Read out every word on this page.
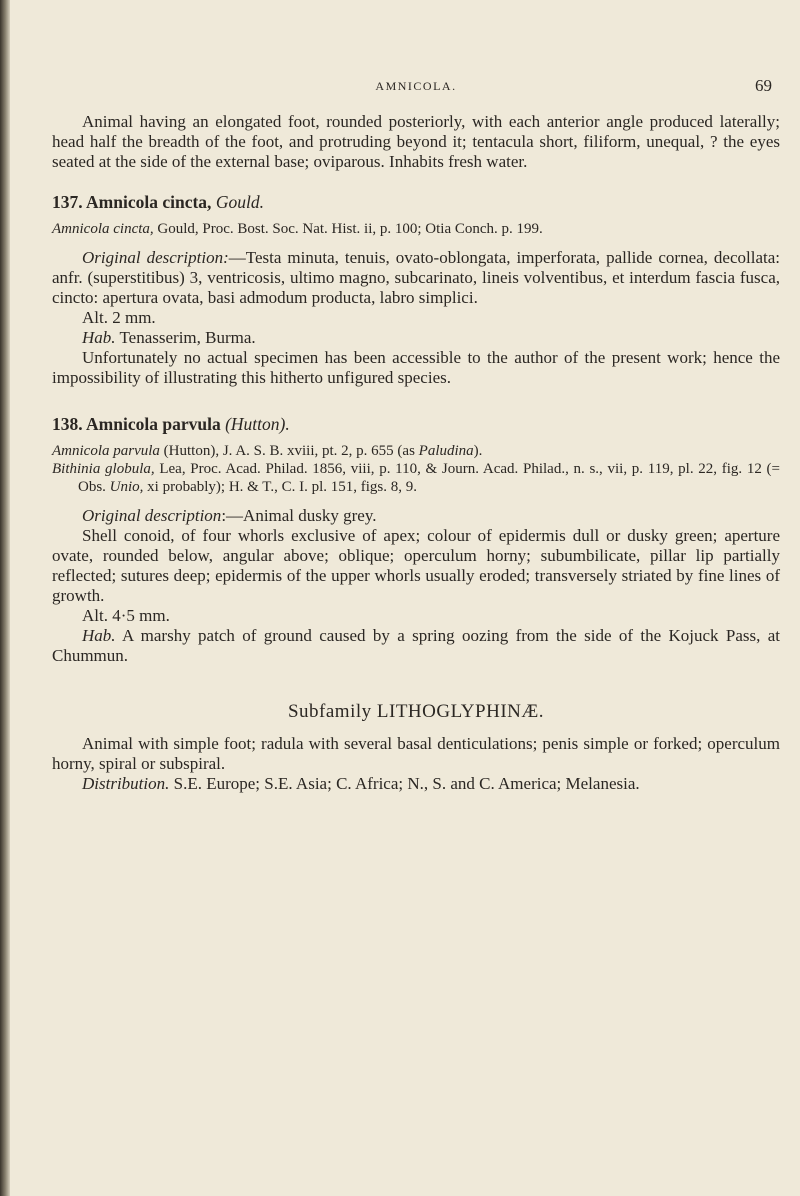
AMNICOLA.	69

Animal having an elongated foot, rounded posteriorly, with each anterior angle produced laterally; head half the breadth of the foot, and protruding beyond it; tentacula short, filiform, unequal, ? the eyes seated at the side of the external base; oviparous. Inhabits fresh water.

137. Amnicola cincta, Gould.

Amnicola cincta, Gould, Proc. Bost. Soc. Nat. Hist. ii, p. 100; Otia Conch. p. 199.

Original description:—Testa minuta, tenuis, ovato-oblongata, imperforata, pallide cornea, decollata: anfr. (superstitibus) 3, ventricosis, ultimo magno, subcarinato, lineis volventibus, et interdum fascia fusca, cincto: apertura ovata, basi admodum producta, labro simplici.

Alt. 2 mm.

Hab. Tenasserim, Burma.

Unfortunately no actual specimen has been accessible to the author of the present work; hence the impossibility of illustrating this hitherto unfigured species.

138. Amnicola parvula (Hutton).

Amnicola parvula (Hutton), J. A. S. B. xviii, pt. 2, p. 655 (as Paludina).

Bithinia globula, Lea, Proc. Acad. Philad. 1856, viii, p. 110, & Journ. Acad. Philad., n. s., vii, p. 119, pl. 22, fig. 12 (= Obs. Unio, xi probably); H. & T., C. I. pl. 151, figs. 8, 9.

Original description:—Animal dusky grey.

Shell conoid, of four whorls exclusive of apex; colour of epidermis dull or dusky green; aperture ovate, rounded below, angular above; oblique; operculum horny; subumbilicate, pillar lip partially reflected; sutures deep; epidermis of the upper whorls usually eroded; transversely striated by fine lines of growth.

Alt. 4·5 mm.

Hab. A marshy patch of ground caused by a spring oozing from the side of the Kojuck Pass, at Chummun.

Subfamily LITHOGLYPHINÆ.

Animal with simple foot; radula with several basal denticulations; penis simple or forked; operculum horny, spiral or subspiral.

Distribution. S.E. Europe; S.E. Asia; C. Africa; N., S. and C. America; Melanesia.
